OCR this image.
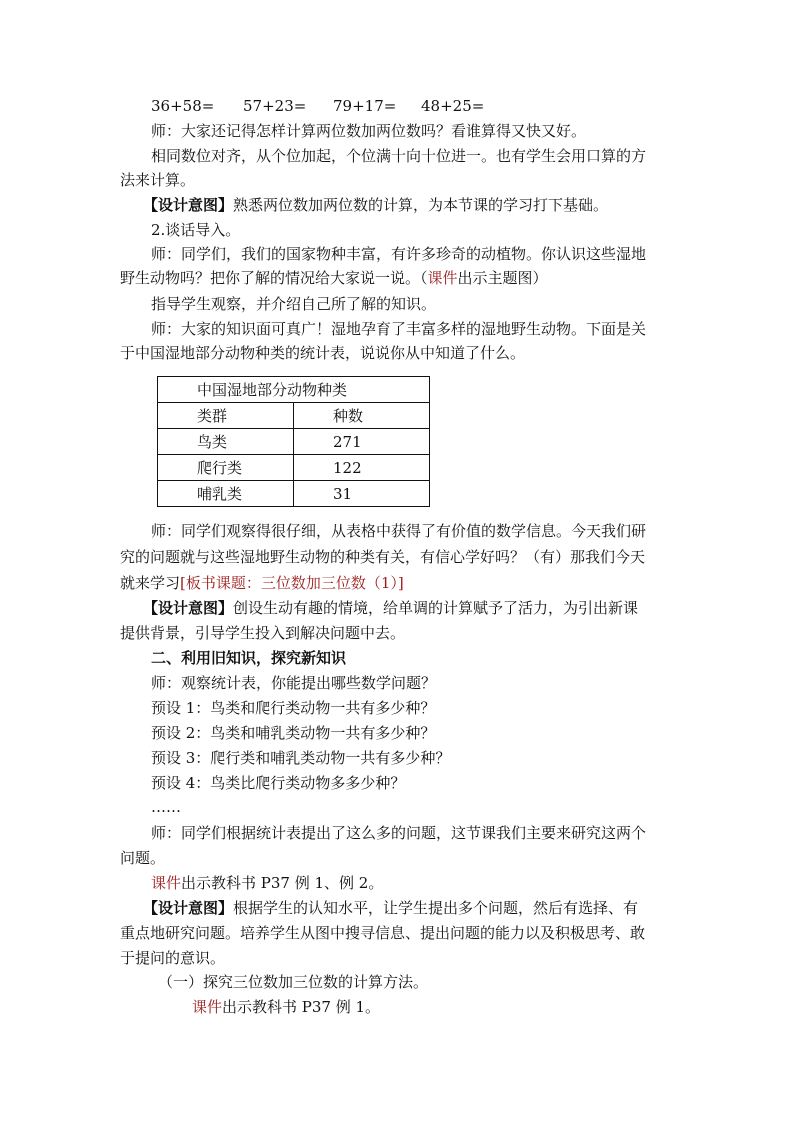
36+58= 57+23= 79+17= 48+25=
师：大家还记得怎样计算两位数加两位数吗？看谁算得又快又好。
相同数位对齐，从个位加起，个位满十向十位进一。也有学生会用口算的方
法来计算。
【设计意图】熟悉两位数加两位数的计算，为本节课的学习打下基础。
2.谈话导入。
师：同学们，我们的国家物种丰富，有许多珍奇的动植物。你认识这些湿地
野生动物吗？把你了解的情况给大家说一说。（课件出示主题图）
指导学生观察，并介绍自己所了解的知识。
师：大家的知识面可真广！湿地孕育了丰富多样的湿地野生动物。下面是关
于中国湿地部分动物种类的统计表，说说你从中知道了什么。
中国湿地部分动物种类	
类群	种数
鸟类	271
爬行类	122
哺乳类	31
师：同学们观察得很仔细，从表格中获得了有价值的数学信息。今天我们研
究的问题就与这些湿地野生动物的种类有关，有信心学好吗？（有）那我们今天
就来学习[板书课题：三位数加三位数（1）]
【设计意图】创设生动有趣的情境，给单调的计算赋予了活力，为引出新课
提供背景，引导学生投入到解决问题中去。
二、利用旧知识，探究新知识
师：观察统计表，你能提出哪些数学问题？
预设 1：鸟类和爬行类动物一共有多少种？
预设 2：鸟类和哺乳类动物一共有多少种？
预设 3：爬行类和哺乳类动物一共有多少种？
预设 4：鸟类比爬行类动物多多少种？
……
师：同学们根据统计表提出了这么多的问题，这节课我们主要来研究这两个
问题。
课件出示教科书 P37 例 1、例 2。
【设计意图】根据学生的认知水平，让学生提出多个问题，然后有选择、有
重点地研究问题。培养学生从图中搜寻信息、提出问题的能力以及积极思考、敢
于提问的意识。
（一）探究三位数加三位数的计算方法。
课件出示教科书 P37 例 1。
